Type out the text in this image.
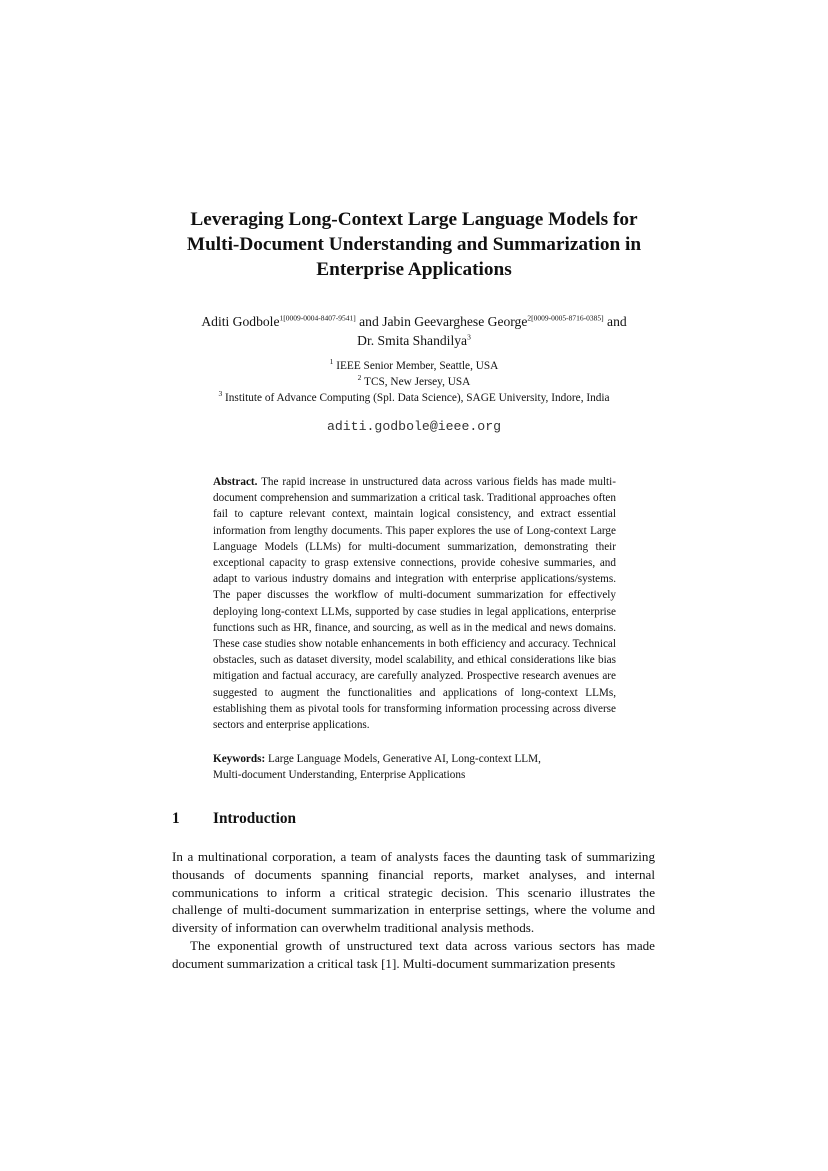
Leveraging Long-Context Large Language Models for
Multi-Document Understanding and Summarization in
Enterprise Applications
Aditi Godbole$^{1[0009-0004-8407-9541]}$ and Jabin Geevarghese George$^{2[0009-0005-8716-0385]}$ and
Dr. Smita Shandilya$^3$
$^1$ IEEE Senior Member, Seattle, USA
$^2$ TCS, New Jersey, USA
$^3$ Institute of Advance Computing (Spl. Data Science), SAGE University, Indore, India
aditi.godbole@ieee.org
Abstract. The rapid increase in unstructured data across various fields has made multi-document comprehension and summarization a critical task. Traditional approaches often fail to capture relevant context, maintain logical consistency, and extract essential information from lengthy documents. This paper explores the use of Long-context Large Language Models (LLMs) for multi-document summarization, demonstrating their exceptional capacity to grasp extensive connections, provide cohesive summaries, and adapt to various industry domains and integration with enterprise applications/systems. The paper discusses the workflow of multi-document summarization for effectively deploying long-context LLMs, supported by case studies in legal applications, enterprise functions such as HR, finance, and sourcing, as well as in the medical and news domains. These case studies show notable enhancements in both efficiency and accuracy. Technical obstacles, such as dataset diversity, model scalability, and ethical considerations like bias mitigation and factual accuracy, are carefully analyzed. Prospective research avenues are suggested to augment the functionalities and applications of long-context LLMs, establishing them as pivotal tools for transforming information processing across diverse sectors and enterprise applications.
Keywords: Large Language Models, Generative AI, Long-context LLM,
Multi-document Understanding, Enterprise Applications
1 Introduction

In a multinational corporation, a team of analysts faces the daunting task of summarizing thousands of documents spanning financial reports, market analyses, and internal communications to inform a critical strategic decision. This scenario illustrates the challenge of multi-document summarization in enterprise settings, where the volume and diversity of information can overwhelm traditional analysis methods.

The exponential growth of unstructured text data across various sectors has made document summarization a critical task [1]. Multi-document summarization presents
